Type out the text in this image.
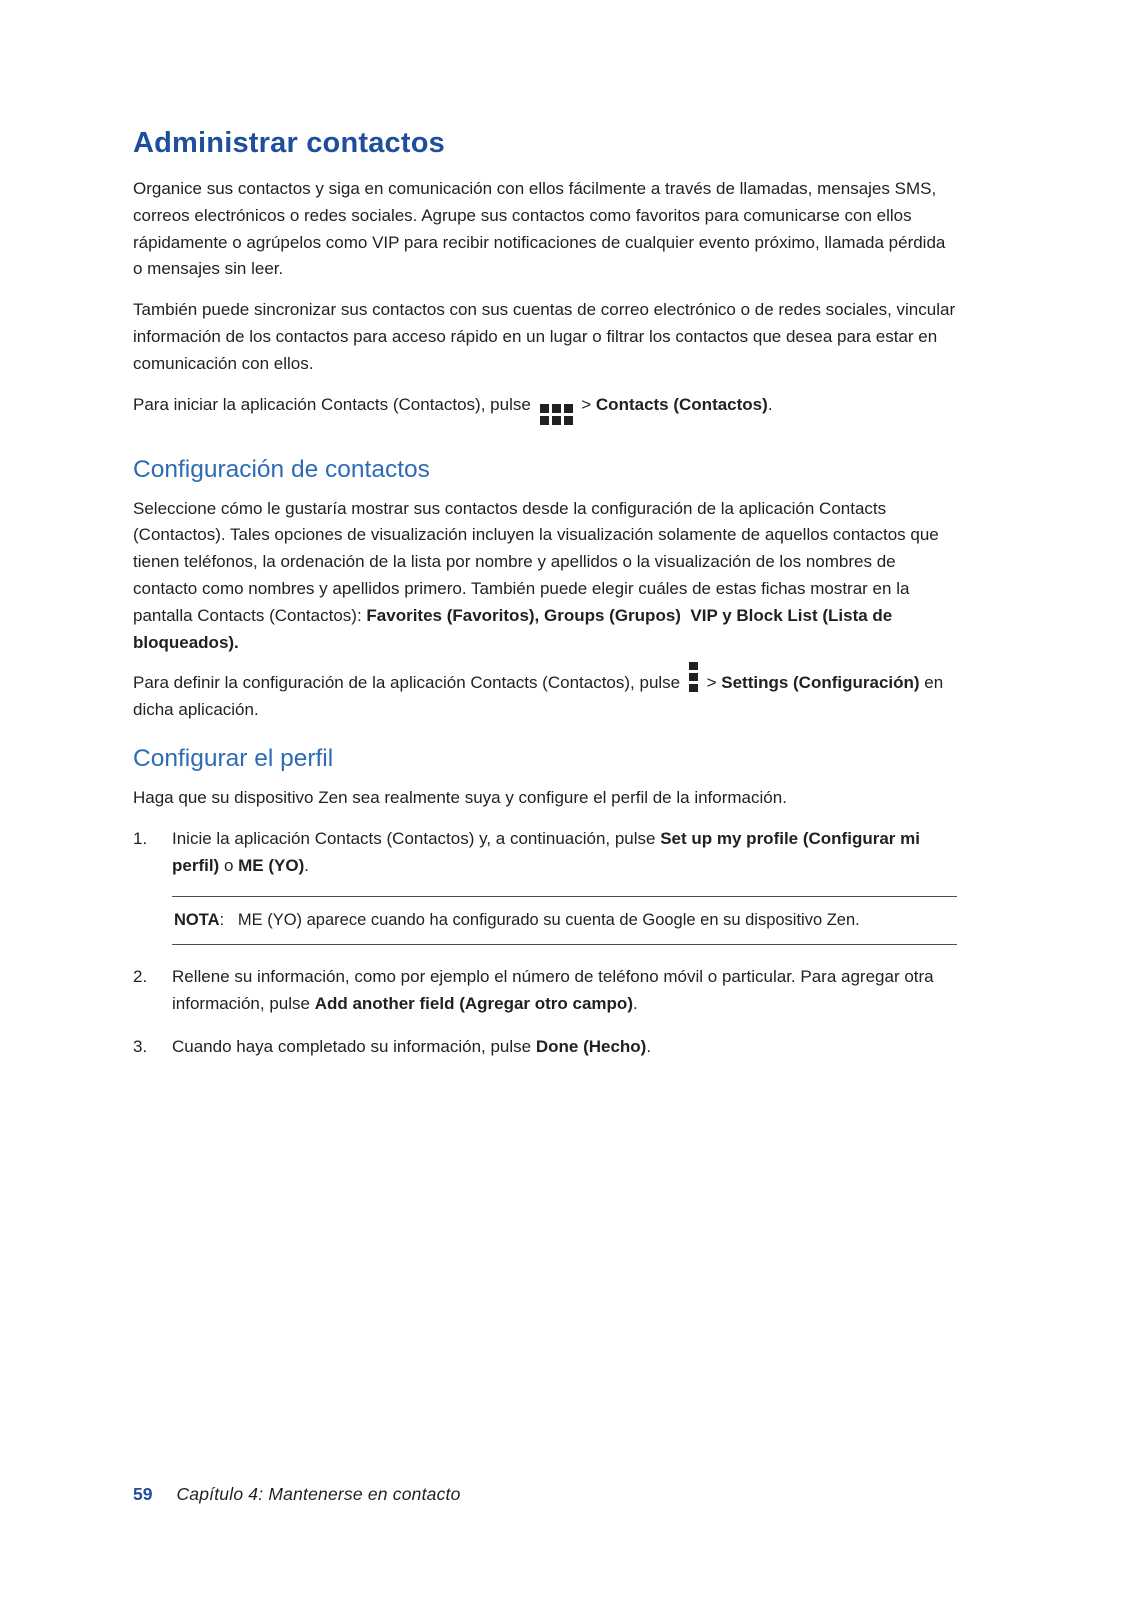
Administrar contactos

Organice sus contactos y siga en comunicación con ellos fácilmente a través de llamadas, mensajes SMS, correos electrónicos o redes sociales. Agrupe sus contactos como favoritos para comunicarse con ellos rápidamente o agrúpelos como VIP para recibir notificaciones de cualquier evento próximo, llamada pérdida o mensajes sin leer.

También puede sincronizar sus contactos con sus cuentas de correo electrónico o de redes sociales, vincular información de los contactos para acceso rápido en un lugar o filtrar los contactos que desea para estar en comunicación con ellos.

Para iniciar la aplicación Contacts (Contactos), pulse
> Contacts (Contactos).

Configuración de contactos

Seleccione cómo le gustaría mostrar sus contactos desde la configuración de la aplicación Contacts (Contactos). Tales opciones de visualización incluyen la visualización solamente de aquellos contactos que tienen teléfonos, la ordenación de la lista por nombre y apellidos o la visualización de los nombres de contacto como nombres y apellidos primero. También puede elegir cuáles de estas fichas mostrar en la pantalla Contacts (Contactos): Favorites (Favoritos), Groups (Grupos)  VIP y Block List (Lista de bloqueados).

Para definir la configuración de la aplicación Contacts (Contactos), pulse
> Settings (Configuración) en dicha aplicación.

Configurar el perfil

Haga que su dispositivo Zen sea realmente suya y configure el perfil de la información.

1.	Inicie la aplicación Contacts (Contactos) y, a continuación, pulse Set up my profile (Configurar mi perfil) o ME (YO).
NOTA:   ME (YO) aparece cuando ha configurado su cuenta de Google en su dispositivo Zen.
2.	Rellene su información, como por ejemplo el número de teléfono móvil o particular. Para agregar otra información, pulse Add another field (Agregar otro campo).
3.	Cuando haya completado su información, pulse Done (Hecho).
59 Capítulo 4: Mantenerse en contacto
